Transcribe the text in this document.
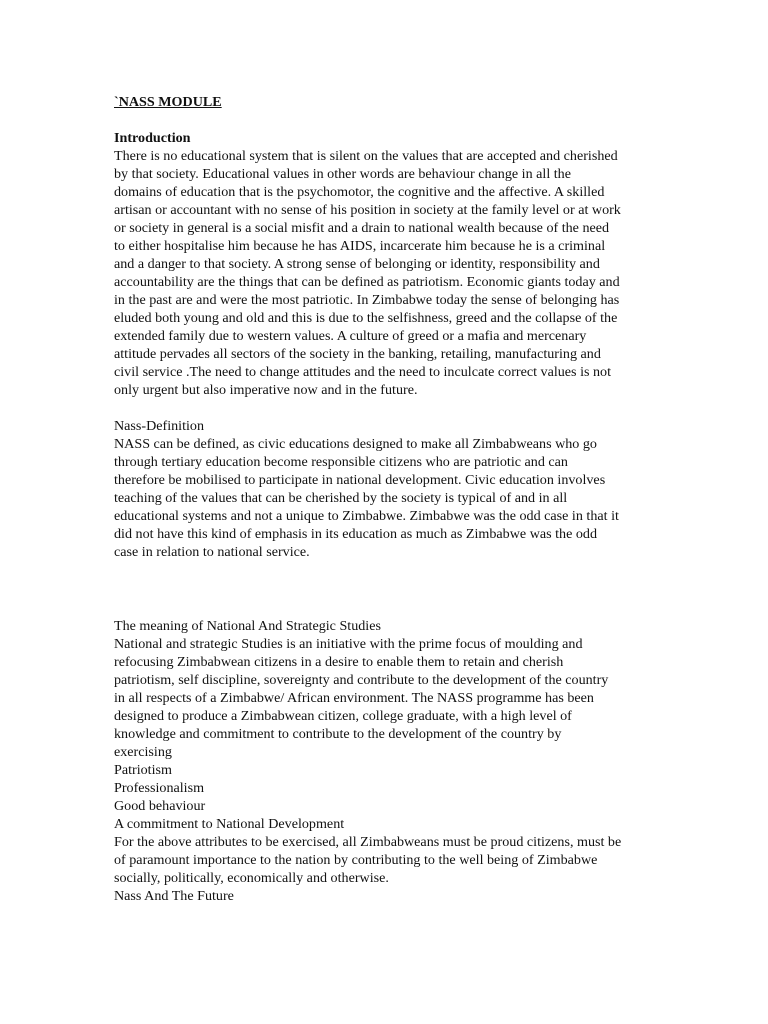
`NASS MODULE
Introduction
There is no educational system that is silent on the values that are accepted and cherished
by that society. Educational values in other words are behaviour change in all the
domains of education that is the psychomotor, the cognitive and the affective. A skilled
artisan or accountant with no sense of his position in society at the family level or at work
or society in general is a social misfit and a drain to national wealth because of the need
to either hospitalise him because he has AIDS, incarcerate him because he is a criminal
and a danger to that society. A strong sense of belonging or identity, responsibility and
accountability are the things that can be defined as patriotism. Economic giants today and
in the past are and were the most patriotic. In Zimbabwe today the sense of belonging has
eluded both young and old and this is due to the selfishness, greed and the collapse of the
extended family due to western values. A culture of greed or a mafia and mercenary
attitude pervades all sectors of the society in the banking, retailing, manufacturing and
civil service .The need to change attitudes and the need to inculcate correct values is not
only urgent but also imperative now and in the future.
Nass-Definition
NASS can be defined, as civic educations designed to make all Zimbabweans who go
through tertiary education become responsible citizens who are patriotic and can
therefore be mobilised to participate in national development. Civic education involves
teaching of the values that can be cherished by the society is typical of and in all
educational systems and not a unique to Zimbabwe. Zimbabwe was the odd case in that it
did not have this kind of emphasis in its education as much as Zimbabwe was the odd
case in relation to national service.
The meaning of National And Strategic Studies
National and strategic Studies is an initiative with the prime focus of moulding and
refocusing Zimbabwean citizens in a desire to enable them to retain and cherish
patriotism, self discipline, sovereignty and contribute to the development of the country
in all respects of a Zimbabwe/ African environment. The NASS programme has been
designed to produce a Zimbabwean citizen, college graduate, with a high level of
knowledge and commitment to contribute to the development of the country by
exercising
Patriotism
Professionalism
Good behaviour
A commitment to National Development
For the above attributes to be exercised, all Zimbabweans must be proud citizens, must be
of paramount importance to the nation by contributing to the well being of Zimbabwe
socially, politically, economically and otherwise.
Nass And The Future
